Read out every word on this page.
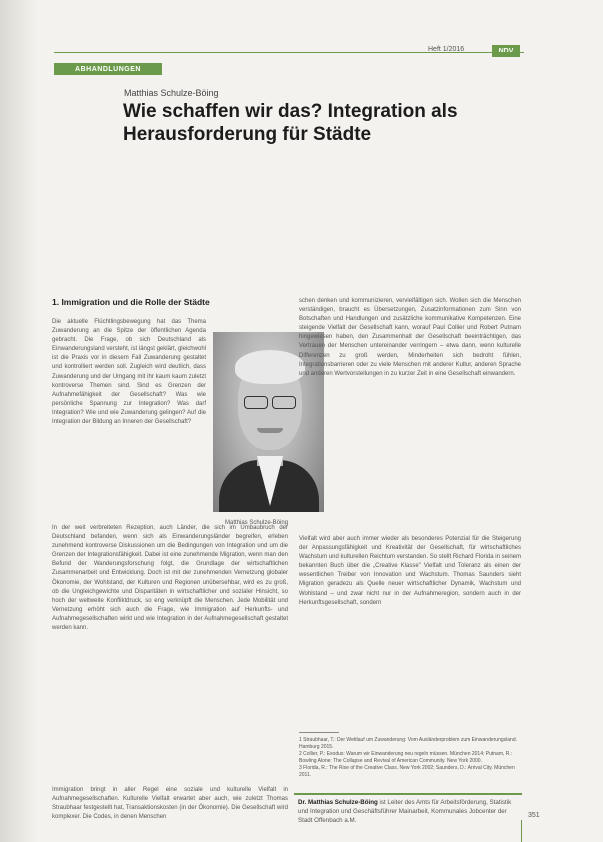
Heft 1/2016	NDV
ABHANDLUNGEN
Matthias Schulze-Böing
Wie schaffen wir das? Integration als Herausforderung für Städte
1. Immigration und die Rolle der Städte

Die aktuelle Flüchtlingsbewegung hat das Thema Zuwanderung an die Spitze der öffentlichen Agenda gebracht. Die Frage, ob sich Deutschland als Einwanderungsland versteht, ist längst geklärt, gleichwohl ist die Praxis vor in diesem Fall Zuwanderung gestaltet und kontrolliert werden soll. Zugleich wird deutlich, dass Zuwanderung und der Umgang mit ihr kaum kaum zuletzt kontroverse Themen sind. Sind es Grenzen der Aufnahmefähigkeit der Gesellschaft? Was wie persönliche Spannung zur Integration? Was darf Integration? Wie und wie Zuwanderung gelingen? Auf die Integration der Bildung an Inneren der Gesellschaft?

In der weit verbreiteten Rezeption, auch Länder, die sich im Umbaubruch der Deutschland befanden, wenn sich als Einwanderungsländer begreifen, erleben zunehmend kontroverse Diskussionen um die Bedingungen von Integration und um die Grenzen der Integrationsfähigkeit. Dabei ist eine zunehmende Migration, wenn man den Befund der Wanderungsforschung folgt, die Grundlage der wirtschaftlichen Zusammenarbeit und Entwicklung. Doch ist mit der zunehmenden Vernetzung globaler Ökonomie, der Wohlstand, der Kulturen und Regionen unübersehbar, wird es zu groß, ob die Ungleichgewichte und Disparitäten in wirtschaftlicher und sozialer Hinsicht, so hoch der weltweite Konfliktdruck, so eng verknüpft die Menschen. Jede Mobilität und Vernetzung erhöht sich auch die Frage, wie Immigration auf Herkunfts- und Aufnahmegesellschaften wirkt und wie Integration in der Aufnahmegesellschaft gestaltet werden kann.

Immigration bringt in aller Regel eine soziale und kulturelle Vielfalt in Aufnahmegesellschaften. Kulturelle Vielfalt erwartet aber auch, wie zuletzt Thomas Straubhaar festgestellt hat, Transaktionskosten (in der Ökonomie). Die Gesellschaft wird komplexer. Die Codes, in denen Menschen

Matthias Schulze-Böing

schen denken und kommunizieren, vervielfältigen sich. Wollen sich die Menschen verständigen, braucht es Übersetzungen, Zusatzinformationen zum Sinn von Botschaften und Handlungen und zusätzliche kommunikative Kompetenzen. Eine steigende Vielfalt der Gesellschaft kann, worauf Paul Collier und Robert Putnam hingewiesen haben, den Zusammenhalt der Gesellschaft beeinträchtigen, das Vertrauen der Menschen untereinander verringern – etwa dann, wenn kulturelle Differenzen zu groß werden, Minderheiten sich bedroht fühlen, Integrationsbarrieren oder zu viele Menschen mit anderer Kultur, anderen Sprache und anderen Wertvorstellungen in zu kurzer Zeit in eine Gesellschaft einwandern.

Vielfalt wird aber auch immer wieder als besonderes Potenzial für die Steigerung der Anpassungsfähigkeit und Kreativität der Gesellschaft, für wirtschaftliches Wachstum und kulturellen Reichtum verstanden. So stellt Richard Florida in seinem bekannten Buch über die „Creative Klasse" Vielfalt und Toleranz als einen der wesentlichen Treiber von Innovation und Wachstum. Thomas Saunders sieht Migration geradezu als Quelle neuer wirtschaftlicher Dynamik, Wachstum und Wohlstand – und zwar nicht nur in der Aufnahmeregion, sondern auch in der Herkunftsgesellschaft, sondern

1 Straubhaar, T.: Der Wettlauf um Zuwanderung: Vom Ausländerproblem zum Einwanderungsland. Hamburg 2015.
2 Collier, P.: Exodus: Warum wir Einwanderung neu regeln müssen. München 2014; Putnam, R.: Bowling Alone: The Collapse and Revival of American Community. New York 2000.
3 Florida, R.: The Rise of the Creative Class. New York 2002; Saunders, D.: Arrival City. München 2011.

Dr. Matthias Schulze-Böing ist Leiter des Amts für Arbeitsförderung, Statistik und Integration und Geschäftsführer Mainarbeit, Kommunales Jobcenter der Stadt Offenbach a.M.

351
